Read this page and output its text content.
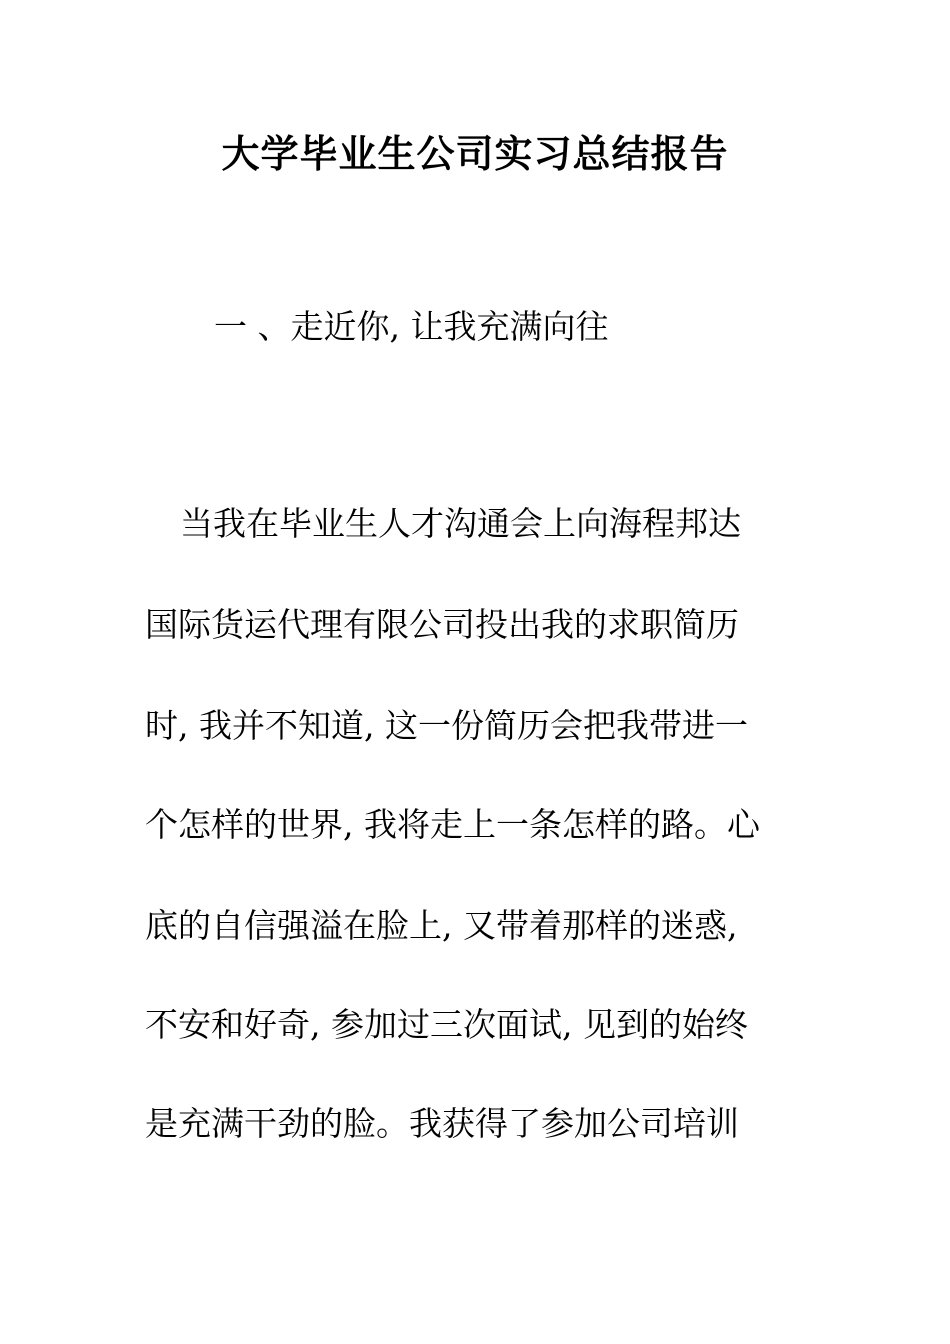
大学毕业生公司实习总结报告
一 、走近你, 让我充满向往
当我在毕业生人才沟通会上向海程邦达
国际货运代理有限公司投出我的求职简历
时, 我并不知道, 这一份简历会把我带进一
个怎样的世界, 我将走上一条怎样的路。心
底的自信强溢在脸上, 又带着那样的迷惑,
不安和好奇, 参加过三次面试, 见到的始终
是充满干劲的脸。我获得了参加公司培训
